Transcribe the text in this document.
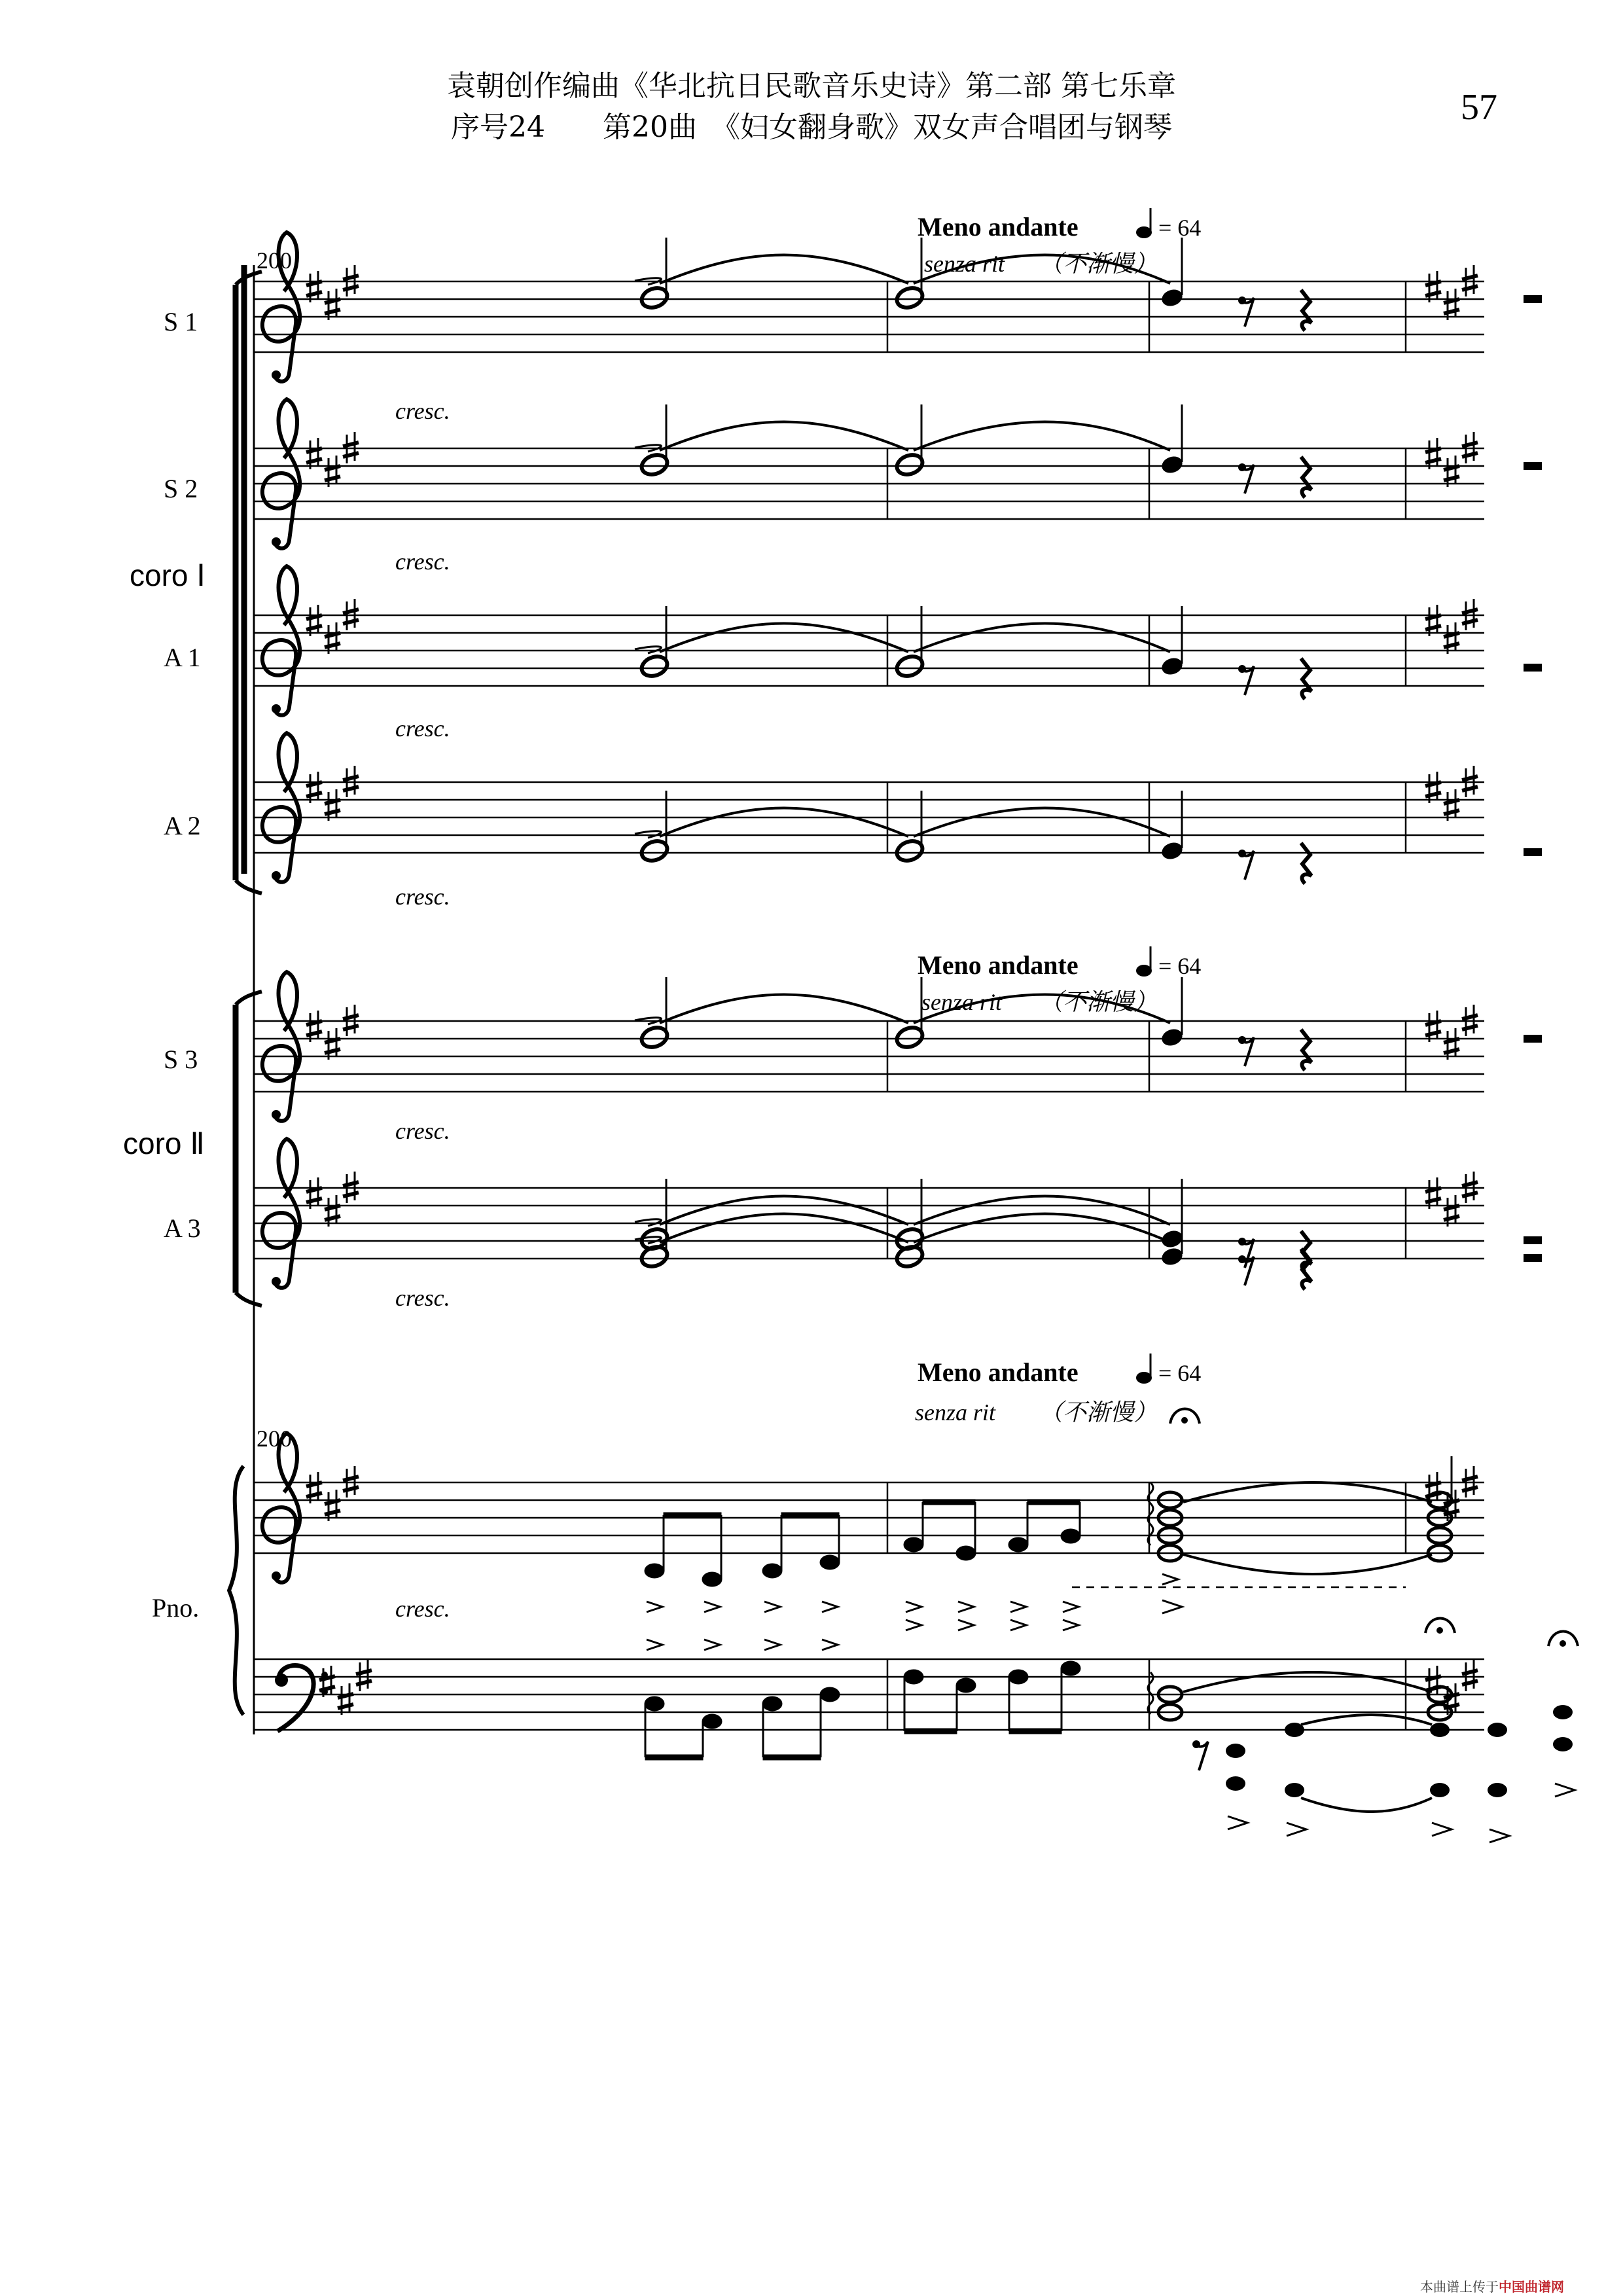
袁朝创作编曲《华北抗日民歌音乐史诗》第二部 第七乐章
序号24　　第20曲　《妇女翻身歌》双女声合唱团与钢琴	57
S 1
S 2
coro Ⅰ
A 1
A 2
S 3
coro Ⅱ
A 3
Pno.
200
200
Meno andante	= 64
senza rit （不渐慢）
Meno andante	= 64
senza rit （不渐慢）
Meno andante	= 64
senza rit （不渐慢）
cresc.
cresc.
cresc.
cresc.
cresc.
cresc.
cresc.
本曲谱上传于中国曲谱网
